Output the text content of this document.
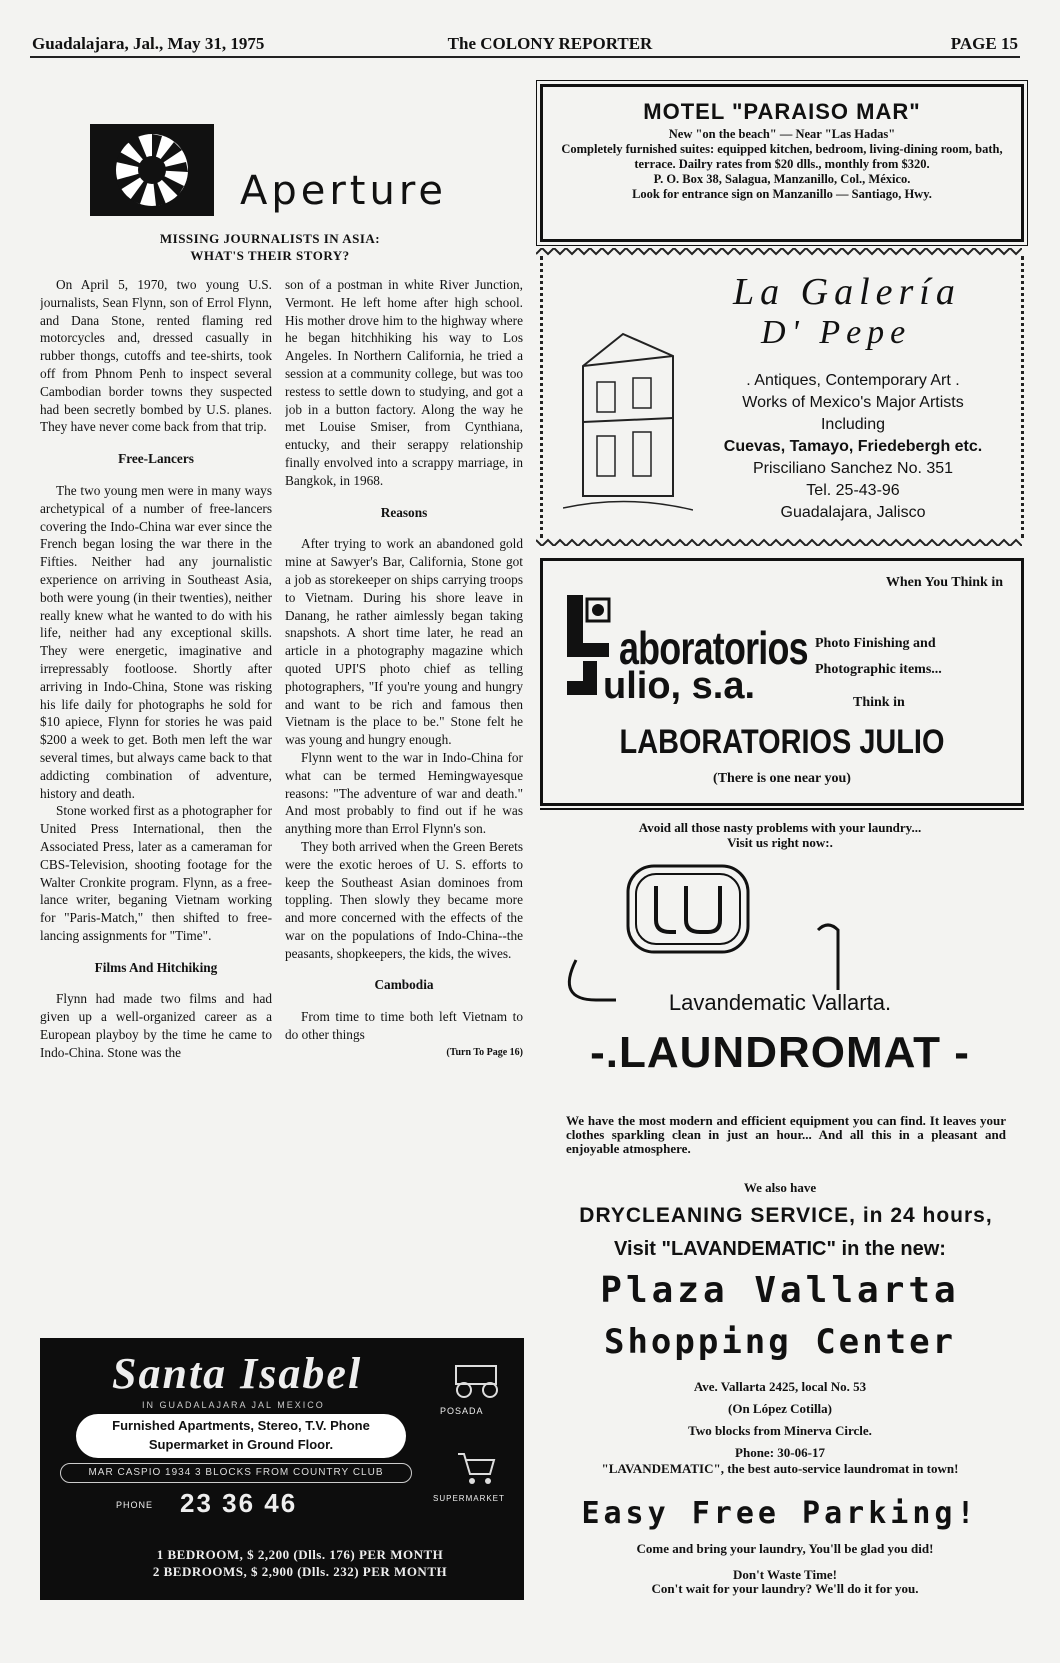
Guadalajara, Jal., May 31, 1975	The COLONY REPORTER	PAGE 15
Aperture
MISSING JOURNALISTS IN ASIA:
WHAT'S THEIR STORY?

On April 5, 1970, two young U.S. journalists, Sean Flynn, son of Errol Flynn, and Dana Stone, rented flaming red motorcycles and, dressed casually in rubber thongs, cutoffs and tee-shirts, took off from Phnom Penh to inspect several Cambodian border towns they suspected had been secretly bombed by U.S. planes. They have never come back from that trip.

Free-Lancers

The two young men were in many ways archetypical of a number of free-lancers covering the Indo-China war ever since the French began losing the war there in the Fifties. Neither had any journalistic experience on arriving in Southeast Asia, both were young (in their twenties), neither really knew what he wanted to do with his life, neither had any exceptional skills. They were energetic, imaginative and irrepressably footloose. Shortly after arriving in Indo-China, Stone was risking his life daily for photographs he sold for $10 apiece, Flynn for stories he was paid $200 a week to get. Both men left the war several times, but always came back to that addicting combination of adventure, history and death.

Stone worked first as a photographer for United Press International, then the Associated Press, later as a cameraman for CBS-Television, shooting footage for the Walter Cronkite program. Flynn, as a free-lance writer, beganing Vietnam working for "Paris-Match," then shifted to free-lancing assignments for "Time".

Films And Hitchiking

Flynn had made two films and had given up a well-organized career as a European playboy by the time he came to Indo-China. Stone was the

son of a postman in white River Junction, Vermont. He left home after high school. His mother drove him to the highway where he began hitchhiking his way to Los Angeles. In Northern California, he tried a session at a community college, but was too restess to settle down to studying, and got a job in a button factory. Along the way he met Louise Smiser, from Cynthiana, entucky, and their serappy relationship finally envolved into a scrappy marriage, in Bangkok, in 1968.

Reasons

After trying to work an abandoned gold mine at Sawyer's Bar, California, Stone got a job as storekeeper on ships carrying troops to Vietnam. During his shore leave in Danang, he rather aimlessly began taking snapshots. A short time later, he read an article in a photography magazine which quoted UPI'S photo chief as telling photographers, "If you're young and hungry and want to be rich and famous then Vietnam is the place to be." Stone felt he was young and hungry enough.

Flynn went to the war in Indo-China for what can be termed Hemingwayesque reasons: "The adventure of war and death." And most probably to find out if he was anything more than Errol Flynn's son.

They both arrived when the Green Berets were the exotic heroes of U. S. efforts to keep the Southeast Asian dominoes from toppling. Then slowly they became more and more concerned with the effects of the war on the populations of Indo-China--the peasants, shopkeepers, the kids, the wives.

Cambodia

From time to time both left Vietnam to do other things

(Turn To Page 16)

Santa Isabel
IN GUADALAJARA JAL MEXICO
Furnished Apartments, Stereo, T.V. Phone
Supermarket in Ground Floor.
MAR CASPIO 1934 3 BLOCKS FROM COUNTRY CLUB
PHONE 23 36 46
POSADA
SUPERMARKET
1 BEDROOM, $ 2,200 (Dlls. 176) PER MONTH
2 BEDROOMS, $ 2,900 (Dlls. 232) PER MONTH
MOTEL "PARAISO MAR"
New "on the beach" — Near "Las Hadas"
Completely furnished suites: equipped kitchen, bedroom, living-dining room, bath, terrace. Dailry rates from $20 dlls., monthly from $320.
P. O. Box 38, Salagua, Manzanillo, Col., México.
Look for entrance sign on Manzanillo — Santiago, Hwy.
La Galería
D' Pepe
. Antiques, Contemporary Art .
Works of Mexico's Major Artists
Including
Cuevas, Tamayo, Friedebergh etc.
Prisciliano Sanchez No. 351
Tel. 25-43-96
Guadalajara, Jalisco
When You Think in
aboratorios
ulio, s.a.
Photo Finishing and
Photographic items...
Think in
LABORATORIOS JULIO
(There is one near you)
Avoid all those nasty problems with your laundry...
Visit us right now:.
Lavandematic Vallarta.
-.LAUNDROMAT -
We have the most modern and efficient equipment you can find. It leaves your clothes sparkling clean in just an hour... And all this in a pleasant and enjoyable atmosphere.
We also have
DRYCLEANING SERVICE, in 24 hours,
Visit "LAVANDEMATIC" in the new:
Plaza Vallarta
Shopping Center
Ave. Vallarta 2425, local No. 53
(On López Cotilla)
Two blocks from Minerva Circle.
Phone: 30-06-17
"LAVANDEMATIC", the best auto-service laundromat in town!
Easy Free Parking!
Come and bring your laundry, You'll be glad you did!
Don't Waste Time!
Con't wait for your laundry? We'll do it for you.
